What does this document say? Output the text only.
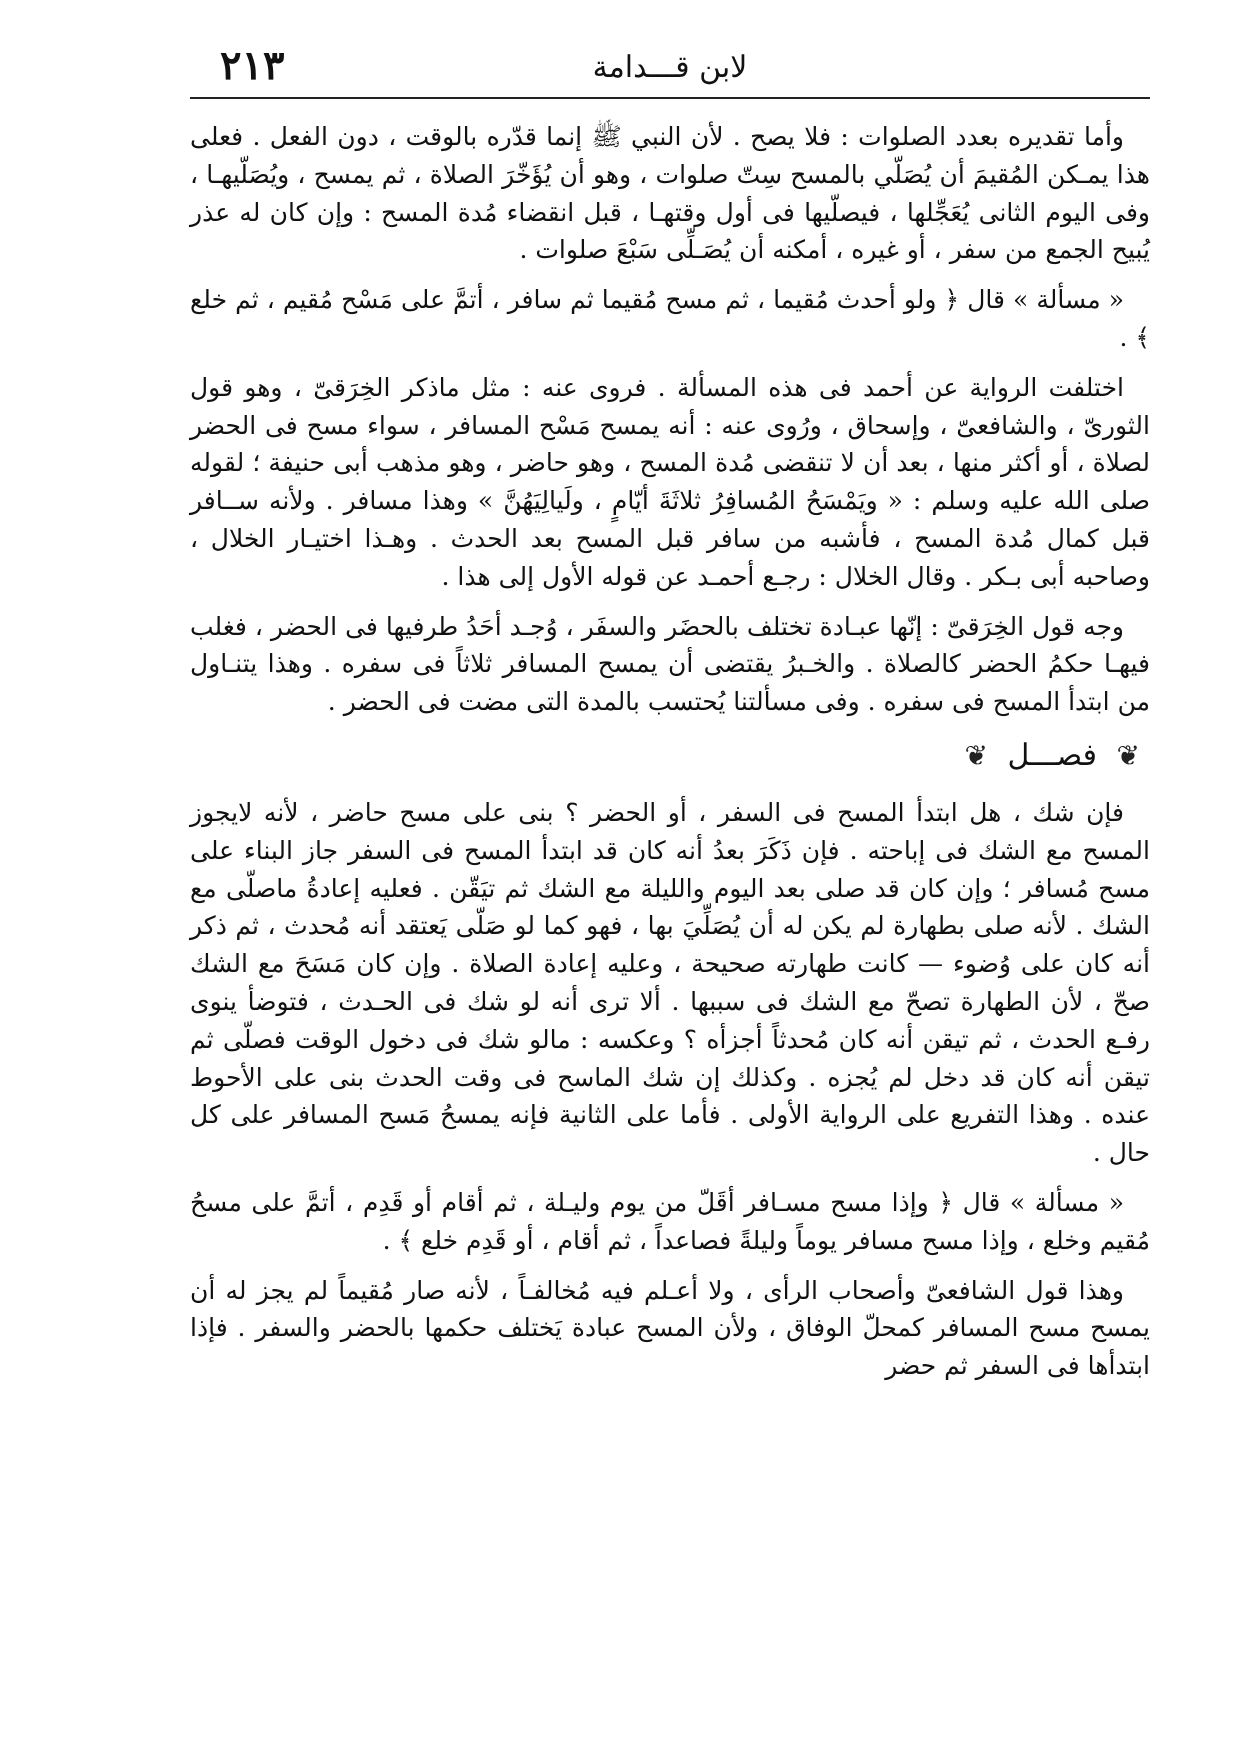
٢١٣	لابن قـــدامة

وأما تقديره بعدد الصلوات : فلا يصح . لأن النبي ﷺ إنما قدّره بالوقت ، دون الفعل . فعلى هذا يمـكن المُقيمَ أن يُصَلّي بالمسح سِتّ صلوات ، وهو أن يُؤَخّرَ الصلاة ، ثم يمسح ، ويُصَلّيهـا ، وفى اليوم الثانى يُعَجِّلها ، فيصلّيها فى أول وقتهـا ، قبل انقضاء مُدة المسح : وإن كان له عذر يُبيح الجمع من سفر ، أو غيره ، أمكنه أن يُصَـلِّى سَبْعَ صلوات .

« مسألة » قال ﴿ ولو أحدث مُقيما ، ثم مسح مُقيما ثم سافر ، أتمَّ على مَسْح مُقيم ، ثم خلع ﴾ .

اختلفت الرواية عن أحمد فى هذه المسألة . فروى عنه : مثل ماذكر الخِرَقىّ ، وهو قول الثورىّ ، والشافعىّ ، وإسحاق ، ورُوى عنه : أنه يمسح مَسْح المسافر ، سواء مسح فى الحضر لصلاة ، أو أكثر منها ، بعد أن لا تنقضى مُدة المسح ، وهو حاضر ، وهو مذهب أبى حنيفة ؛ لقوله صلى الله عليه وسلم : « ويَمْسَحُ المُسافِرُ ثلاثَةَ أيّامٍ ، ولَيالِيَهُنَّ » وهذا مسافر . ولأنه ســافر قبل كمال مُدة المسح ، فأشبه من سافر قبل المسح بعد الحدث . وهـذا اختيـار الخلال ، وصاحبه أبى بـكر . وقال الخلال : رجـع أحمـد عن قوله الأول إلى هذا .

وجه قول الخِرَقىّ : إنّها عبـادة تختلف بالحضَر والسفَر ، وُجـد أحَدُ طرفيها فى الحضر ، فغلب فيهـا حكمُ الحضر كالصلاة . والخـبرُ يقتضى أن يمسح المسافر ثلاثاً فى سفره . وهذا يتنـاول من ابتدأ المسح فى سفره . وفى مسألتنا يُحتسب بالمدة التى مضت فى الحضر .

❦ فصـــل ❦

فإن شك ، هل ابتدأ المسح فى السفر ، أو الحضر ؟ بنى على مسح حاضر ، لأنه لايجوز المسح مع الشك فى إباحته . فإن ذَكَرَ بعدُ أنه كان قد ابتدأ المسح فى السفر جاز البناء على مسح مُسافر ؛ وإن كان قد صلى بعد اليوم والليلة مع الشك ثم تيَقّن . فعليه إعادةُ ماصلّى مع الشك . لأنه صلى بطهارة لم يكن له أن يُصَلِّيَ بها ، فهو كما لو صَلّى يَعتقد أنه مُحدث ، ثم ذكر أنه كان على وُضوء — كانت طهارته صحيحة ، وعليه إعادة الصلاة . وإن كان مَسَحَ مع الشك صحّ ، لأن الطهارة تصحّ مع الشك فى سببها . ألا ترى أنه لو شك فى الحـدث ، فتوضأ ينوى رفـع الحدث ، ثم تيقن أنه كان مُحدثاً أجزأه ؟ وعكسه : مالو شك فى دخول الوقت فصلّى ثم تيقن أنه كان قد دخل لم يُجزه . وكذلك إن شك الماسح فى وقت الحدث بنى على الأحوط عنده . وهذا التفريع على الرواية الأولى . فأما على الثانية فإنه يمسحُ مَسح المسافر على كل حال .

« مسألة » قال ﴿ وإذا مسح مسـافر أقَلّ من يوم وليـلة ، ثم أقام أو قَدِم ، أتمَّ على مسحُ مُقيم وخلع ، وإذا مسح مسافر يوماً وليلةً فصاعداً ، ثم أقام ، أو قَدِم خلع ﴾ .

وهذا قول الشافعىّ وأصحاب الرأى ، ولا أعـلم فيه مُخالفـاً ، لأنه صار مُقيماً لم يجز له أن يمسح مسح المسافر كمحلّ الوفاق ، ولأن المسح عبادة يَختلف حكمها بالحضر والسفر . فإذا ابتدأها فى السفر ثم حضر
